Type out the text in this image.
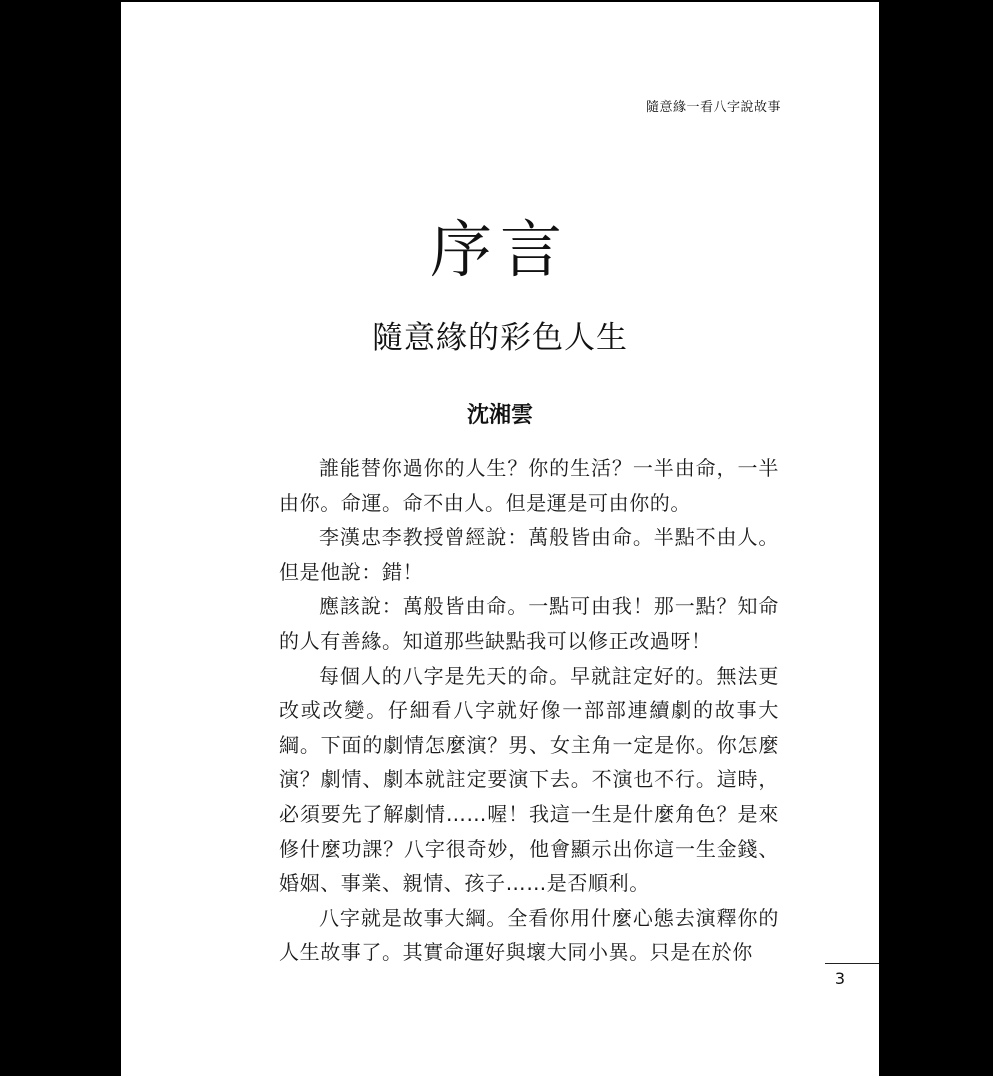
隨意緣一看八字說故事
序言
隨意緣的彩色人生
沈湘雲

誰能替你過你的人生？你的生活？一半由命，一半由你。命運。命不由人。但是運是可由你的。

李漢忠李教授曾經說：萬般皆由命。半點不由人。但是他說：錯！

應該說：萬般皆由命。一點可由我！那一點？知命的人有善緣。知道那些缺點我可以修正改過呀！

每個人的八字是先天的命。早就註定好的。無法更改或改變。仔細看八字就好像一部部連續劇的故事大綱。下面的劇情怎麼演？男、女主角一定是你。你怎麼演？劇情、劇本就註定要演下去。不演也不行。這時，必須要先了解劇情……喔！我這一生是什麼角色？是來修什麼功課？八字很奇妙，他會顯示出你這一生金錢、婚姻、事業、親情、孩子……是否順利。

八字就是故事大綱。全看你用什麼心態去演釋你的人生故事了。其實命運好與壞大同小異。只是在於你

3
